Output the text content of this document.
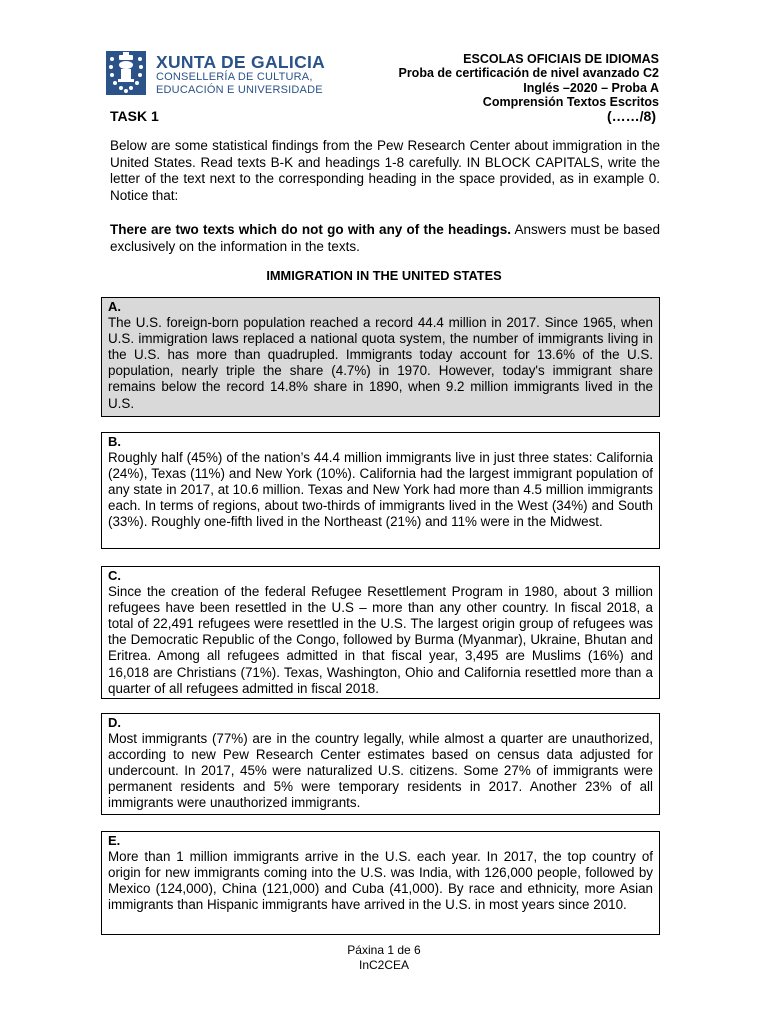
XUNTA DE GALICIA
CONSELLERÍA DE CULTURA,
EDUCACIÓN E UNIVERSIDADE
ESCOLAS OFICIAIS DE IDIOMAS
Proba de certificación de nivel avanzado C2
Inglés –2020 – Proba A
Comprensión Textos Escritos
TASK 1	(……/8)
Below are some statistical findings from the Pew Research Center about immigration in the United States. Read texts B-K and headings 1-8 carefully. IN BLOCK CAPITALS, write the letter of the text next to the corresponding heading in the space provided, as in example 0. Notice that:
There are two texts which do not go with any of the headings. Answers must be based exclusively on the information in the texts.
IMMIGRATION IN THE UNITED STATES
A.
The U.S. foreign-born population reached a record 44.4 million in 2017. Since 1965, when U.S. immigration laws replaced a national quota system, the number of immigrants living in the U.S. has more than quadrupled. Immigrants today account for 13.6% of the U.S. population, nearly triple the share (4.7%) in 1970. However, today's immigrant share remains below the record 14.8% share in 1890, when 9.2 million immigrants lived in the U.S.
B.
Roughly half (45%) of the nation’s 44.4 million immigrants live in just three states: California (24%), Texas (11%) and New York (10%). California had the largest immigrant population of any state in 2017, at 10.6 million. Texas and New York had more than 4.5 million immigrants each. In terms of regions, about two-thirds of immigrants lived in the West (34%) and South (33%). Roughly one-fifth lived in the Northeast (21%) and 11% were in the Midwest.
C.
Since the creation of the federal Refugee Resettlement Program in 1980, about 3 million refugees have been resettled in the U.S – more than any other country. In fiscal 2018, a total of 22,491 refugees were resettled in the U.S. The largest origin group of refugees was the Democratic Republic of the Congo, followed by Burma (Myanmar), Ukraine, Bhutan and Eritrea. Among all refugees admitted in that fiscal year, 3,495 are Muslims (16%) and 16,018 are Christians (71%). Texas, Washington, Ohio and California resettled more than a quarter of all refugees admitted in fiscal 2018.
D.
Most immigrants (77%) are in the country legally, while almost a quarter are unauthorized, according to new Pew Research Center estimates based on census data adjusted for undercount. In 2017, 45% were naturalized U.S. citizens. Some 27% of immigrants were permanent residents and 5% were temporary residents in 2017. Another 23% of all immigrants were unauthorized immigrants.
E.
More than 1 million immigrants arrive in the U.S. each year. In 2017, the top country of origin for new immigrants coming into the U.S. was India, with 126,000 people, followed by Mexico (124,000), China (121,000) and Cuba (41,000). By race and ethnicity, more Asian immigrants than Hispanic immigrants have arrived in the U.S. in most years since 2010.
Páxina 1 de 6
InC2CEA
